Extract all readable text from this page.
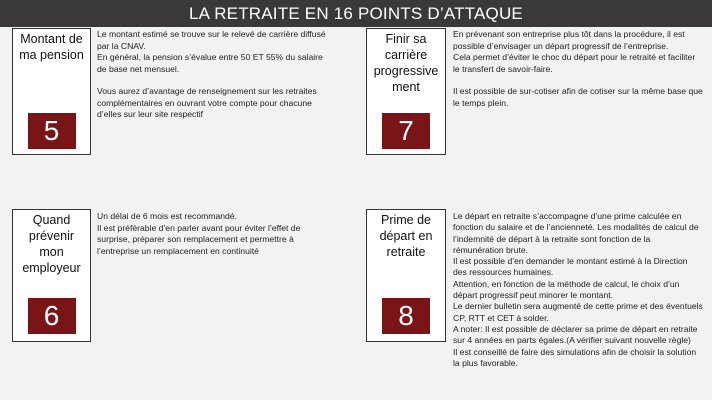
LA RETRAITE EN 16 POINTS D’ATTAQUE
Montant de ma pension
5

Le montant estimé se trouve sur le relevé de carrière diffusé par la CNAV.

En général, la pension s’évalue entre 50 ET 55% du salaire de base net mensuel.

Vous aurez d’avantage de renseignement sur les retraites complémentaires en ouvrant votre compte pour chacune d’elles sur leur site respectif

Finir sa carrière progressive ment
7

En prévenant son entreprise plus tôt dans la procédure, il est possible d’envisager un départ progressif de l’entreprise.

Cela permet d’éviter le choc du départ pour le retraité et faciliter le transfert de savoir-faire.

Il est possible de sur-cotiser afin de cotiser sur la même base que le temps plein.

Quand prévenir mon employeur
6

Un délai de 6 mois est recommandé.

Il est préférable d’en parler avant pour éviter l’effet de surprise, préparer son remplacement et permettre à l’entreprise un remplacement en continuité

Prime de départ en retraite
8

Le départ en retraite s’accompagne d’une prime calculée en fonction du salaire et de l’ancienneté. Les modalités de calcul de l’indemnité de départ à la retraite sont fonction de la rémunération brute.

Il est possible d’en demander le montant estimé à la Direction des ressources humaines.

Attention, en fonction de la méthode de calcul, le choix d’un départ progressif peut minorer le montant.

Le dernier bulletin sera augmenté de cette prime et des éventuels CP, RTT et CET à solder.

A noter: Il est possible de déclarer sa prime de départ en retraite sur 4 années en parts égales.(A vérifier suivant nouvelle règle)

Il est conseillé de faire des simulations afin de choisir la solution la plus favorable.
